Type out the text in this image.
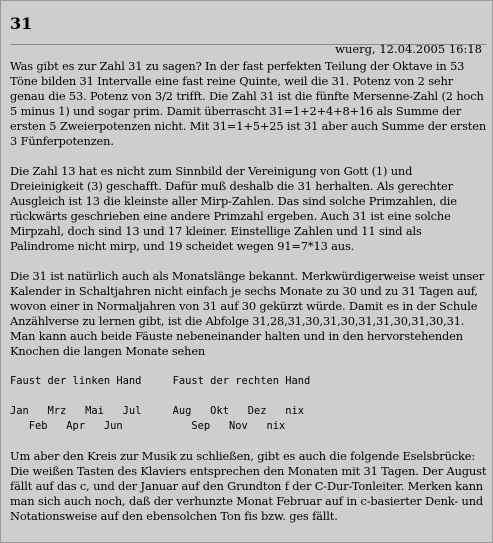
31
wuerg, 12.04.2005 16:18

Was gibt es zur Zahl 31 zu sagen? In der fast perfekten Teilung der Oktave in 53 Töne bilden 31 Intervalle eine fast reine Quinte, weil die 31. Potenz von 2 sehr genau die 53. Potenz von 3/2 trifft. Die Zahl 31 ist die fünfte Mersenne-Zahl (2 hoch 5 minus 1) und sogar prim. Damit überrascht 31=1+2+4+8+16 als Summe der ersten 5 Zweierpotenzen nicht. Mit 31=1+5+25 ist 31 aber auch Summe der ersten 3 Fünferpotenzen.

Die Zahl 13 hat es nicht zum Sinnbild der Vereinigung von Gott (1) und Dreieinigkeit (3) geschafft. Dafür muß deshalb die 31 herhalten. Als gerechter Ausgleich ist 13 die kleinste aller Mirp-Zahlen. Das sind solche Primzahlen, die rückwärts geschrieben eine andere Primzahl ergeben. Auch 31 ist eine solche Mirpzahl, doch sind 13 und 17 kleiner. Einstellige Zahlen und 11 sind als Palindrome nicht mirp, und 19 scheidet wegen 91=7*13 aus.

Die 31 ist natürlich auch als Monatslänge bekannt. Merkwürdigerweise weist unser Kalender in Schaltjahren nicht einfach je sechs Monate zu 30 und zu 31 Tagen auf, wovon einer in Normaljahren von 31 auf 30 gekürzt würde. Damit es in der Schule Anzählverse zu lernen gibt, ist die Abfolge 31,28,31,30,31,30,31,31,30,31,30,31. Man kann auch beide Fäuste nebeneinander halten und in den hervorstehenden Knochen die langen Monate sehen

Faust der linken Hand     Faust der rechten Hand
Jan   Mrz   Mai   Jul     Aug   Okt   Dez   nix
Feb   Apr   Jun           Sep   Nov   nix

Um aber den Kreis zur Musik zu schließen, gibt es auch die folgende Eselsbrücke: Die weißen Tasten des Klaviers entsprechen den Monaten mit 31 Tagen. Der August fällt auf das c, und der Januar auf den Grundton f der C-Dur-Tonleiter. Merken kann man sich auch noch, daß der verhunzte Monat Februar auf in c-basierter Denk- und Notationsweise auf den ebensolchen Ton fis bzw. ges fällt.
